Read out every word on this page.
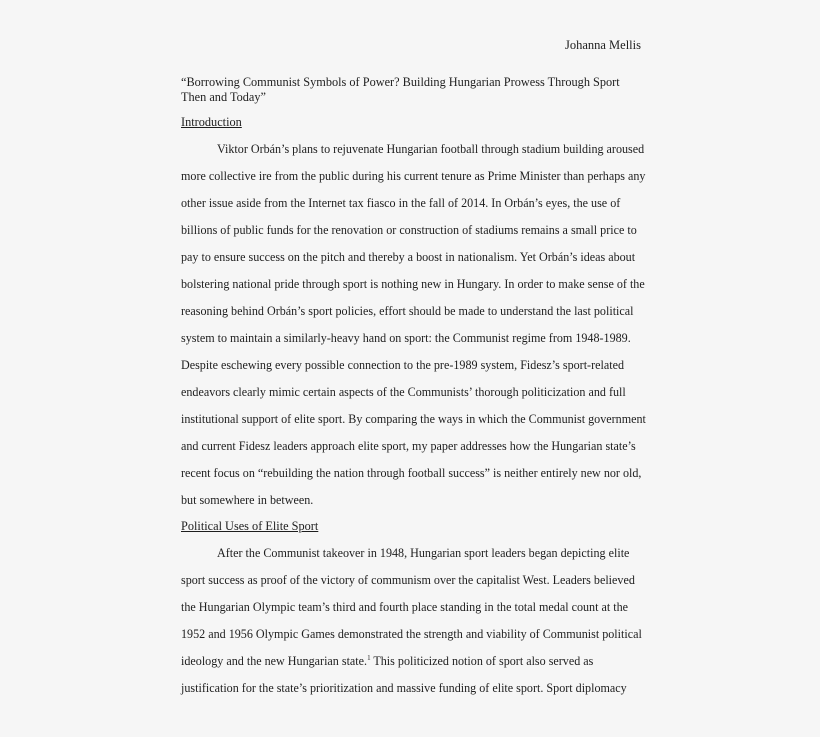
Johanna Mellis
“Borrowing Communist Symbols of Power? Building Hungarian Prowess Through Sport Then and Today”
Introduction
Viktor Orbán’s plans to rejuvenate Hungarian football through stadium building aroused
more collective ire from the public during his current tenure as Prime Minister than perhaps any
other issue aside from the Internet tax fiasco in the fall of 2014. In Orbán’s eyes, the use of
billions of public funds for the renovation or construction of stadiums remains a small price to
pay to ensure success on the pitch and thereby a boost in nationalism. Yet Orbán’s ideas about
bolstering national pride through sport is nothing new in Hungary. In order to make sense of the
reasoning behind Orbán’s sport policies, effort should be made to understand the last political
system to maintain a similarly-heavy hand on sport: the Communist regime from 1948-1989.
Despite eschewing every possible connection to the pre-1989 system, Fidesz’s sport-related
endeavors clearly mimic certain aspects of the Communists’ thorough politicization and full
institutional support of elite sport. By comparing the ways in which the Communist government
and current Fidesz leaders approach elite sport, my paper addresses how the Hungarian state’s
recent focus on “rebuilding the nation through football success” is neither entirely new nor old,
but somewhere in between.
Political Uses of Elite Sport
After the Communist takeover in 1948, Hungarian sport leaders began depicting elite
sport success as proof of the victory of communism over the capitalist West. Leaders believed
the Hungarian Olympic team’s third and fourth place standing in the total medal count at the
1952 and 1956 Olympic Games demonstrated the strength and viability of Communist political
ideology and the new Hungarian state.$^1$ This politicized notion of sport also served as
justification for the state’s prioritization and massive funding of elite sport. Sport diplomacy
